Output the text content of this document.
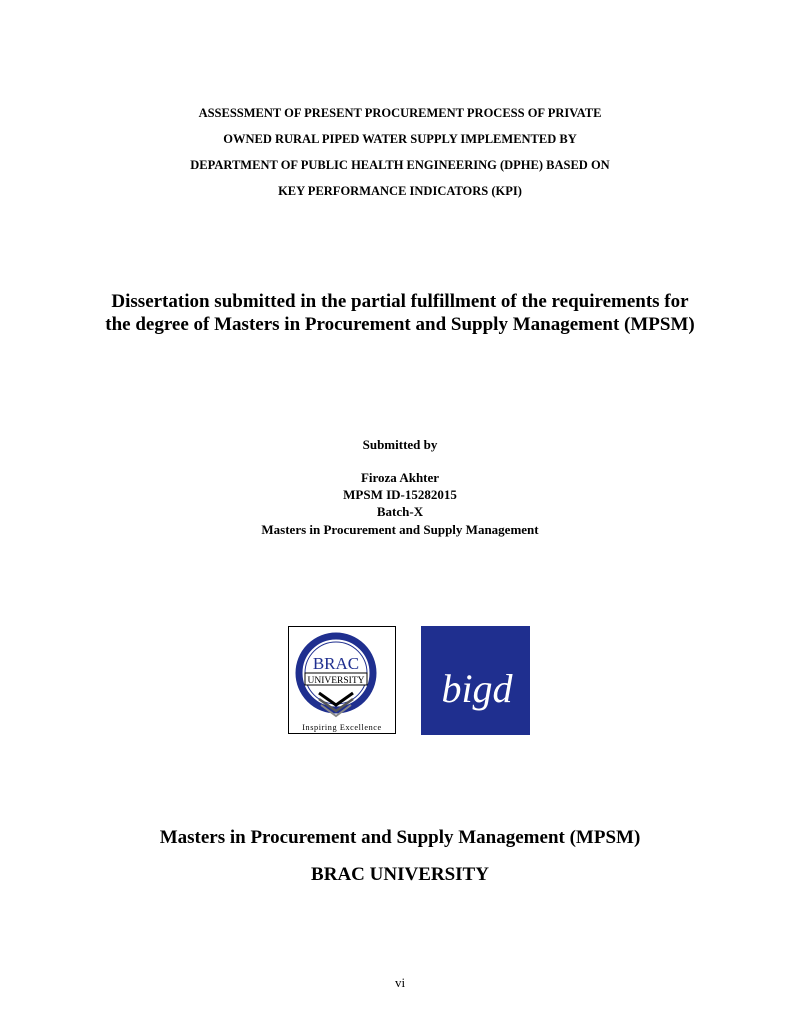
ASSESSMENT OF PRESENT PROCUREMENT PROCESS OF PRIVATE
OWNED RURAL PIPED WATER SUPPLY IMPLEMENTED BY
DEPARTMENT OF PUBLIC HEALTH ENGINEERING (DPHE) BASED ON
KEY PERFORMANCE INDICATORS (KPI)
Dissertation submitted in the partial fulfillment of the requirements for
the degree of Masters in Procurement and Supply Management (MPSM)
Submitted by
Firoza Akhter
MPSM ID-15282015
Batch-X
Masters in Procurement and Supply Management
BRAC
UNIVERSITY
Inspiring Excellence
bigd
Masters in Procurement and Supply Management (MPSM)
BRAC UNIVERSITY
vi
